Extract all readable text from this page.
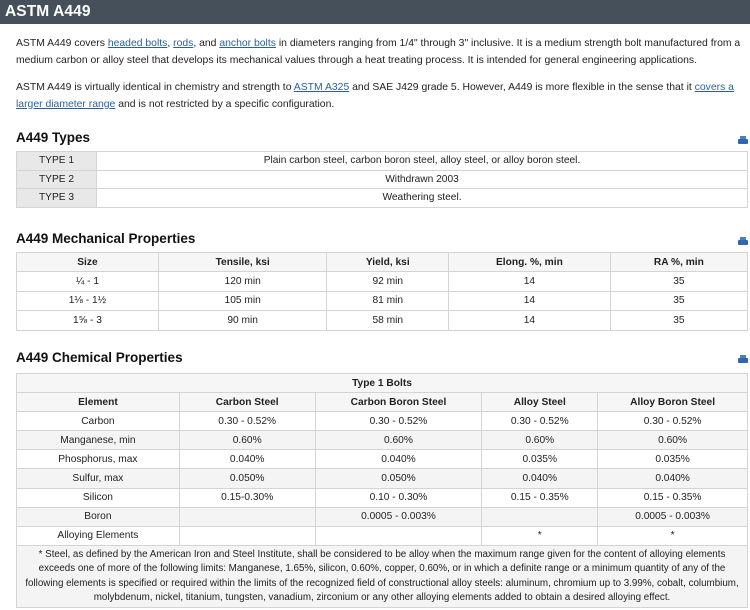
ASTM A449

ASTM A449 covers headed bolts, rods, and anchor bolts in diameters ranging from 1/4" through 3" inclusive. It is a medium strength bolt manufactured from a medium carbon or alloy steel that develops its mechanical values through a heat treating process. It is intended for general engineering applications.

ASTM A449 is virtually identical in chemistry and strength to ASTM A325 and SAE J429 grade 5. However, A449 is more flexible in the sense that it covers a larger diameter range and is not restricted by a specific configuration.

A449 Types
TYPE 1	Plain carbon steel, carbon boron steel, alloy steel, or alloy boron steel.
TYPE 2	Withdrawn 2003
TYPE 3	Weathering steel.
A449 Mechanical Properties
Size	Tensile, ksi	Yield, ksi	Elong. %, min	RA %, min
¼ - 1	120 min	92 min	14	35
1⅛ - 1½	105 min	81 min	14	35
1⅝ - 3	90 min	58 min	14	35
A449 Chemical Properties
Type 1 Bolts				
Element	Carbon Steel	Carbon Boron Steel	Alloy Steel	Alloy Boron Steel
Carbon	0.30 - 0.52%	0.30 - 0.52%	0.30 - 0.52%	0.30 - 0.52%
Manganese, min	0.60%	0.60%	0.60%	0.60%
Phosphorus, max	0.040%	0.040%	0.035%	0.035%
Sulfur, max	0.050%	0.050%	0.040%	0.040%
Silicon	0.15-0.30%	0.10 - 0.30%	0.15 - 0.35%	0.15 - 0.35%
Boron		0.0005 - 0.003%		0.0005 - 0.003%
Alloying Elements			*	*
* Steel, as defined by the American Iron and Steel Institute, shall be considered to be alloy when the maximum range given for the content of alloying elements exceeds one of more of the following limits: Manganese, 1.65%, silicon, 0.60%, copper, 0.60%, or in which a definite range or a minimum quantity of any of the following elements is specified or required within the limits of the recognized field of constructional alloy steels: aluminum, chromium up to 3.99%, cobalt, columbium, molybdenum, nickel, titanium, tungsten, vanadium, zirconium or any other alloying elements added to obtain a desired alloying effect.				
